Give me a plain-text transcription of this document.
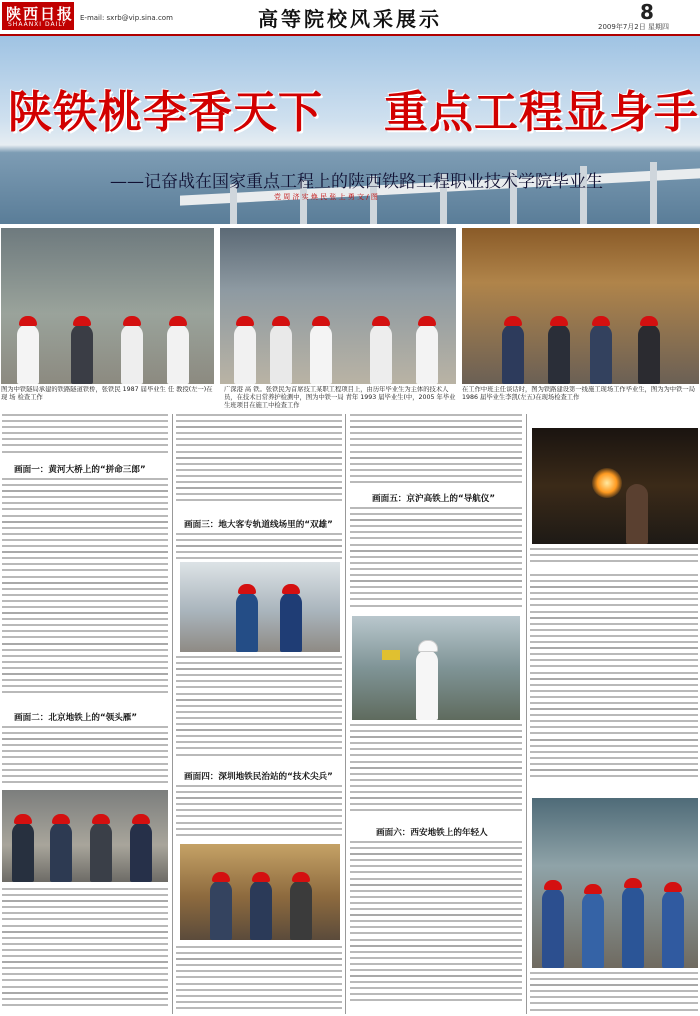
陕西日报
SHAANXI DAILY
E-mail: sxrb@vip.sina.com	高等院校风采展示	8
2009年7月2日 星期四
陕铁桃李香天下 重点工程显身手
——记奋战在国家重点工程上的陕西铁路工程职业技术学院毕业生
党 周 济 实 焕 民 张 上 勇 文 / 图
图为中铁隧局承建的铁路隧道铁桥，张铁民 1987 届毕业生 任 教授(左一)在 现 场 检查工作
广深港 高 铁。张铁民为首席技工某职工程项目上，由历年毕业生为主体的技术人员，在技术日常养护检测中，图为中铁一局 青年 1993 届毕业生(中，2005 年毕业生班项目在施工中检查工作
在工作中班主任谈话时，图为铁路建设第一线施工现场工作毕业生，图为为中铁一局 1986 届毕业生李凯(左五)在现场检查工作
画面一：黄河大桥上的“拼命三郎”
画面二：北京地铁上的“领头雁”
画面三：地大客专轨道线场里的“双雄”
画面四：深圳地铁民治站的“技术尖兵”
画面五：京沪高铁上的“导航仪”
画面六：西安地铁上的年轻人
